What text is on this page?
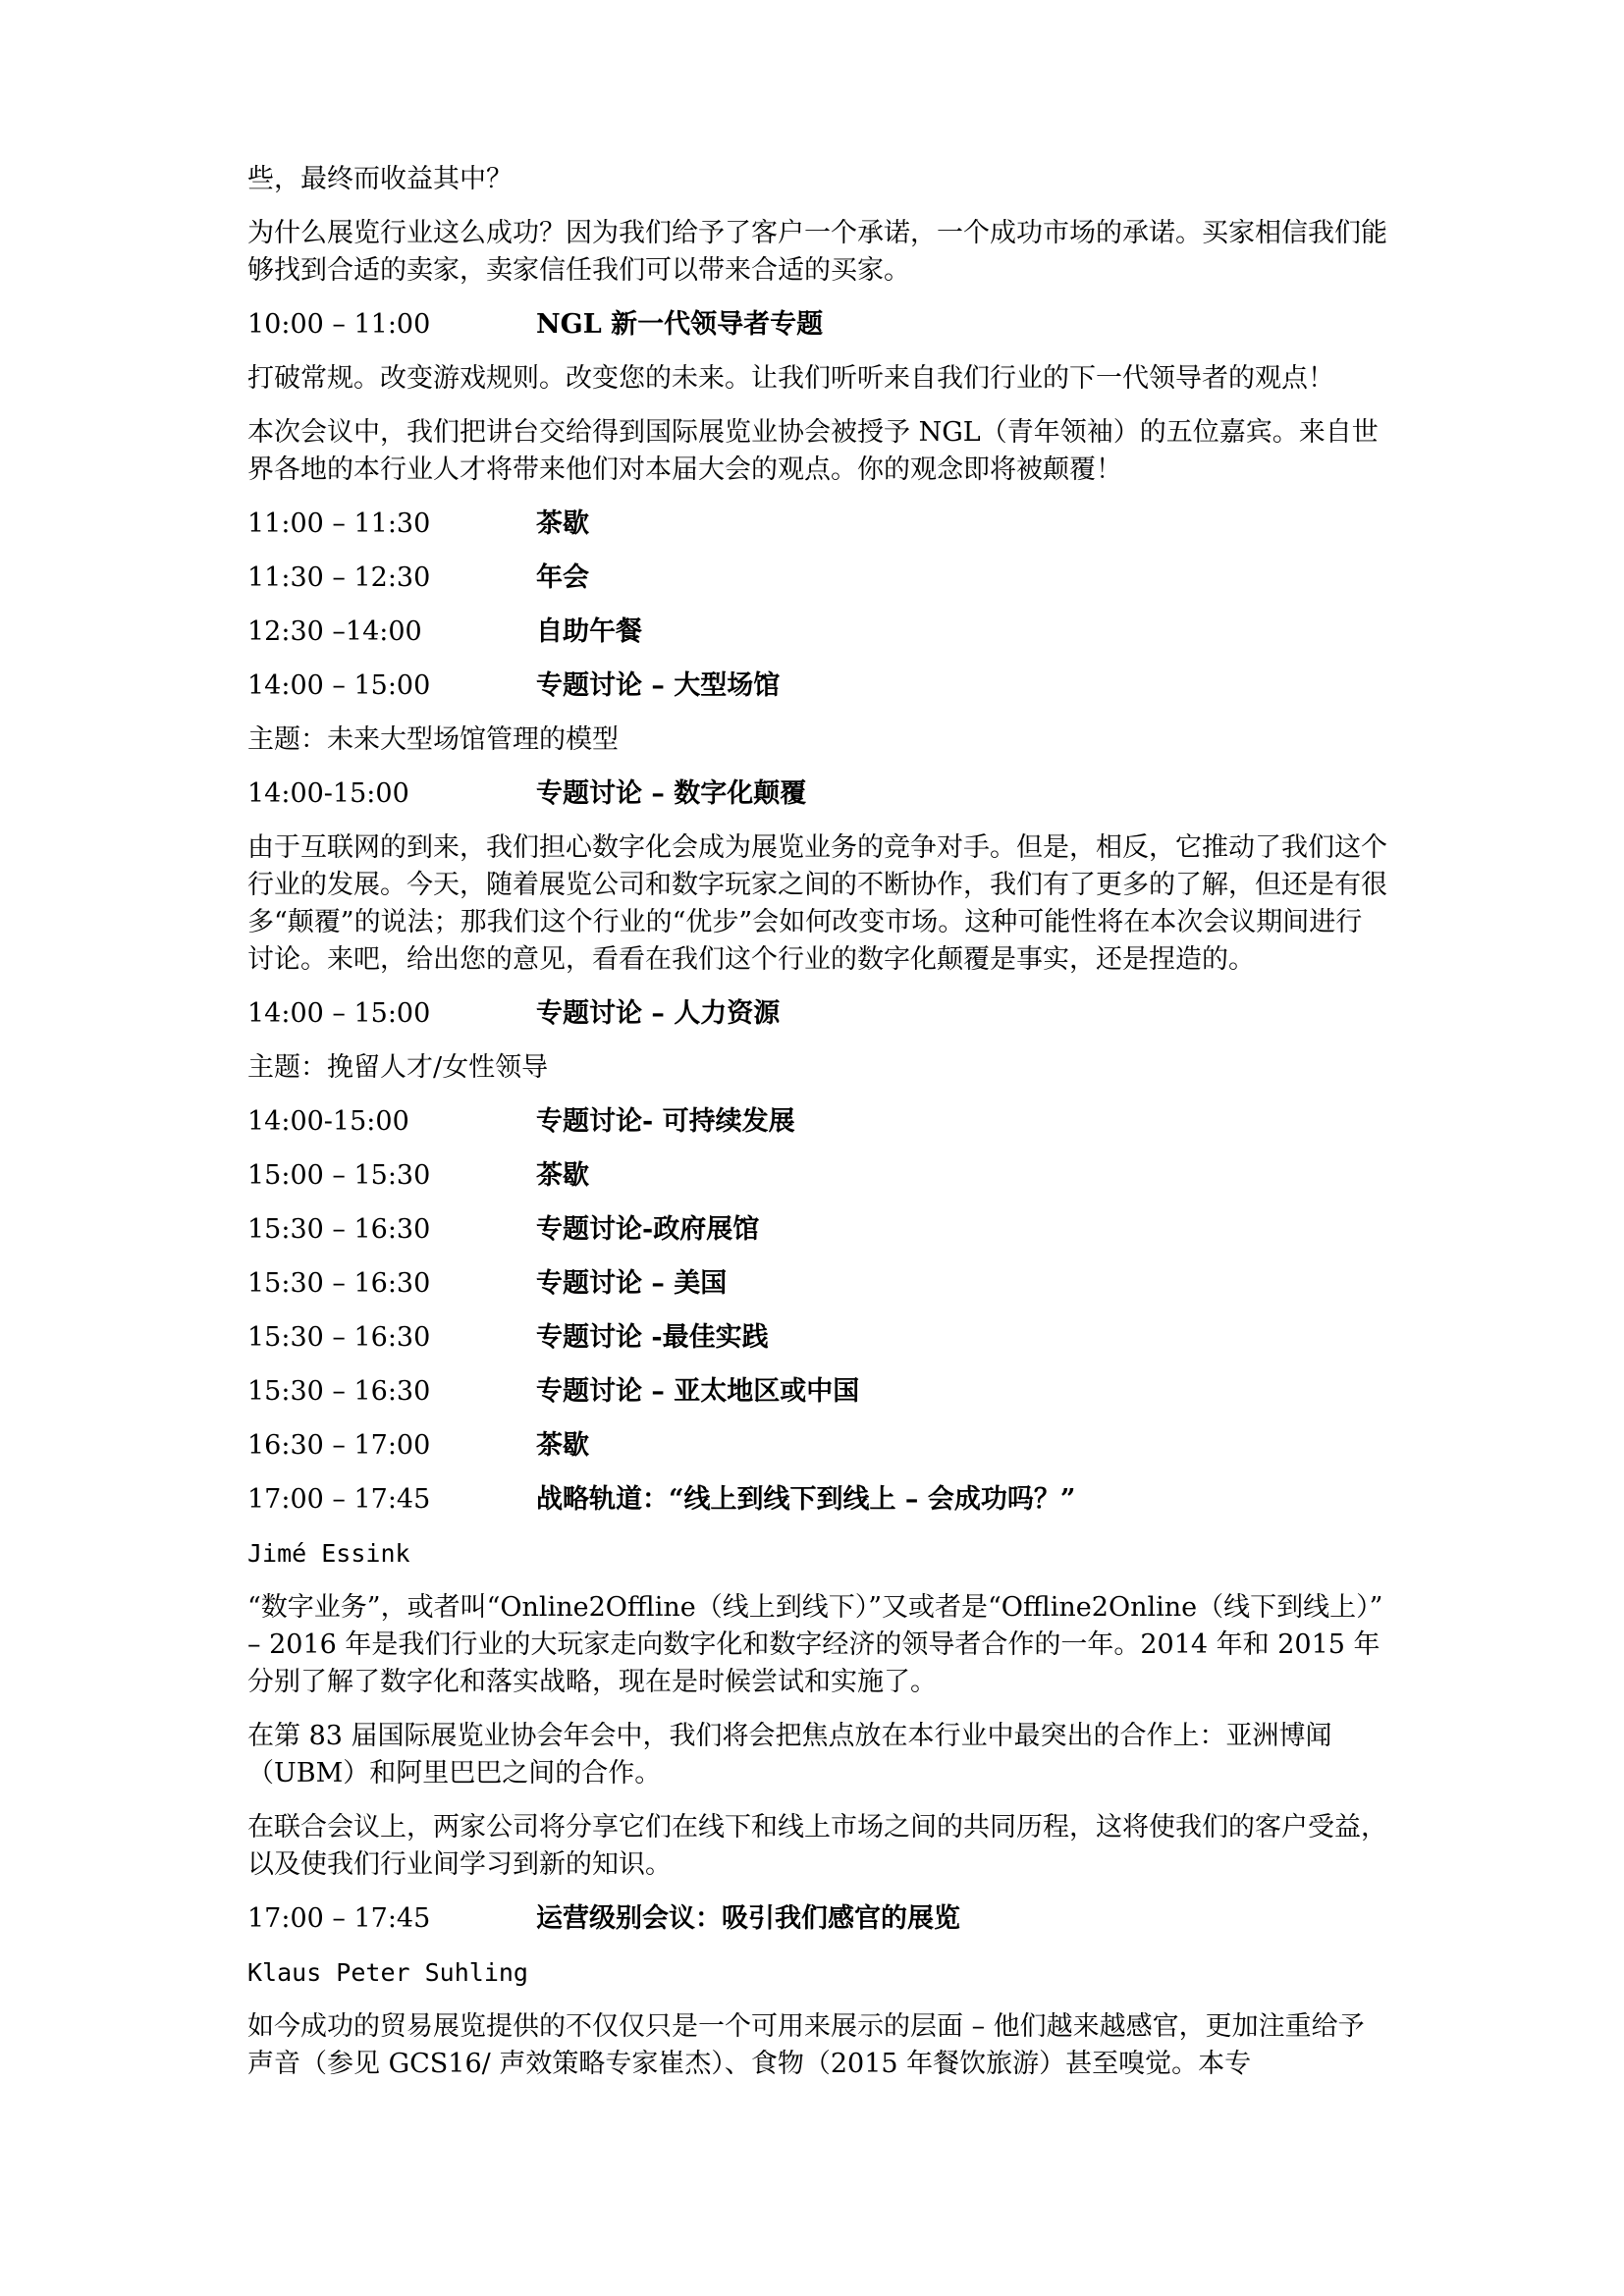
些，最终而收益其中？

为什么展览行业这么成功？因为我们给予了客户一个承诺，一个成功市场的承诺。买家相信我们能够找到合适的卖家，卖家信任我们可以带来合适的买家。

10:00 – 11:00	NGL 新一代领导者专题

打破常规。改变游戏规则。改变您的未来。让我们听听来自我们行业的下一代领导者的观点！

本次会议中，我们把讲台交给得到国际展览业协会被授予 NGL（青年领袖）的五位嘉宾。来自世界各地的本行业人才将带来他们对本届大会的观点。你的观念即将被颠覆！

11:00 – 11:30	茶歇
11:30 – 12:30	年会
12:30 –14:00	自助午餐
14:00 – 15:00	专题讨论 – 大型场馆

主题：未来大型场馆管理的模型

14:00-15:00	专题讨论 – 数字化颠覆

由于互联网的到来，我们担心数字化会成为展览业务的竞争对手。但是，相反，它推动了我们这个行业的发展。今天，随着展览公司和数字玩家之间的不断协作，我们有了更多的了解，但还是有很多“颠覆”的说法；那我们这个行业的“优步”会如何改变市场。这种可能性将在本次会议期间进行讨论。来吧，给出您的意见，看看在我们这个行业的数字化颠覆是事实，还是捏造的。

14:00 – 15:00	专题讨论 – 人力资源

主题：挽留人才/女性领导

14:00-15:00	专题讨论- 可持续发展
15:00 – 15:30	茶歇
15:30 – 16:30	专题讨论-政府展馆
15:30 – 16:30	专题讨论 – 美国
15:30 – 16:30	专题讨论 -最佳实践
15:30 – 16:30	专题讨论 – 亚太地区或中国
16:30 – 17:00	茶歇
17:00 – 17:45	战略轨道：“线上到线下到线上 – 会成功吗？”

Jimé Essink

“数字业务”，或者叫“Online2Offline（线上到线下）”又或者是“Offline2Online（线下到线上）” – 2016 年是我们行业的大玩家走向数字化和数字经济的领导者合作的一年。2014 年和 2015 年分别了解了数字化和落实战略，现在是时候尝试和实施了。

在第 83 届国际展览业协会年会中，我们将会把焦点放在本行业中最突出的合作上：亚洲博闻（UBM）和阿里巴巴之间的合作。

在联合会议上，两家公司将分享它们在线下和线上市场之间的共同历程，这将使我们的客户受益，以及使我们行业间学习到新的知识。

17:00 – 17:45	运营级别会议：吸引我们感官的展览

Klaus Peter Suhling

如今成功的贸易展览提供的不仅仅只是一个可用来展示的层面 – 他们越来越感官，更加注重给予声音（参见 GCS16/ 声效策略专家崔杰）、食物（2015 年餐饮旅游）甚至嗅觉。本专
